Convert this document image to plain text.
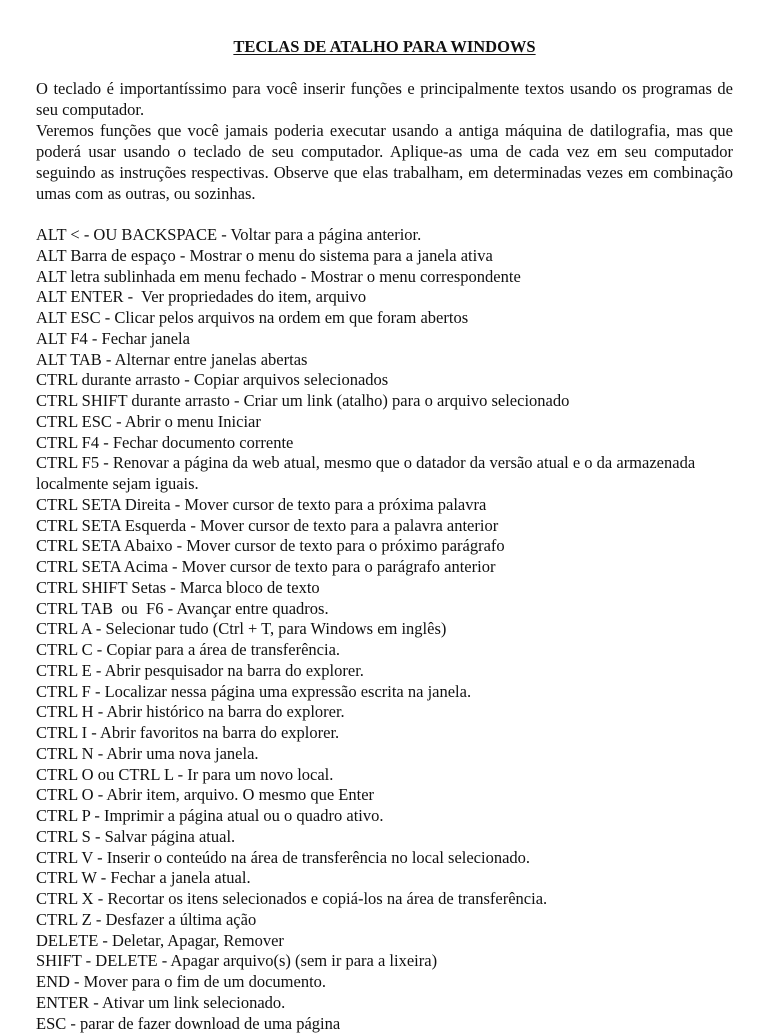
TECLAS DE ATALHO PARA WINDOWS

O teclado é importantíssimo para você inserir funções e principalmente textos usando os programas de seu computador.

Veremos funções que você jamais poderia executar usando a antiga máquina de datilografia, mas que poderá usar usando o teclado de seu computador. Aplique-as uma de cada vez em seu computador seguindo as instruções respectivas. Observe que elas trabalham, em determinadas vezes em combinação umas com as outras, ou sozinhas.

ALT < - OU BACKSPACE - Voltar para a página anterior.
ALT Barra de espaço - Mostrar o menu do sistema para a janela ativa
ALT letra sublinhada em menu fechado - Mostrar o menu correspondente
ALT ENTER -  Ver propriedades do item, arquivo
ALT ESC - Clicar pelos arquivos na ordem em que foram abertos
ALT F4 - Fechar janela
ALT TAB - Alternar entre janelas abertas
CTRL durante arrasto - Copiar arquivos selecionados
CTRL SHIFT durante arrasto - Criar um link (atalho) para o arquivo selecionado
CTRL ESC - Abrir o menu Iniciar
CTRL F4 - Fechar documento corrente
CTRL F5 - Renovar a página da web atual, mesmo que o datador da versão atual e o da armazenada localmente sejam iguais.
CTRL SETA Direita - Mover cursor de texto para a próxima palavra
CTRL SETA Esquerda - Mover cursor de texto para a palavra anterior
CTRL SETA Abaixo - Mover cursor de texto para o próximo parágrafo
CTRL SETA Acima - Mover cursor de texto para o parágrafo anterior
CTRL SHIFT Setas - Marca bloco de texto
CTRL TAB  ou  F6 - Avançar entre quadros.
CTRL A - Selecionar tudo (Ctrl + T, para Windows em inglês)
CTRL C - Copiar para a área de transferência.
CTRL E - Abrir pesquisador na barra do explorer.
CTRL F - Localizar nessa página uma expressão escrita na janela.
CTRL H - Abrir histórico na barra do explorer.
CTRL I - Abrir favoritos na barra do explorer.
CTRL N - Abrir uma nova janela.
CTRL O ou CTRL L - Ir para um novo local.
CTRL O - Abrir item, arquivo. O mesmo que Enter
CTRL P - Imprimir a página atual ou o quadro ativo.
CTRL S - Salvar página atual.
CTRL V - Inserir o conteúdo na área de transferência no local selecionado.
CTRL W - Fechar a janela atual.
CTRL X - Recortar os itens selecionados e copiá-los na área de transferência.
CTRL Z - Desfazer a última ação
DELETE - Deletar, Apagar, Remover
SHIFT - DELETE - Apagar arquivo(s) (sem ir para a lixeira)
END - Mover para o fim de um documento.
ENTER - Ativar um link selecionado.
ESC - parar de fazer download de uma página
